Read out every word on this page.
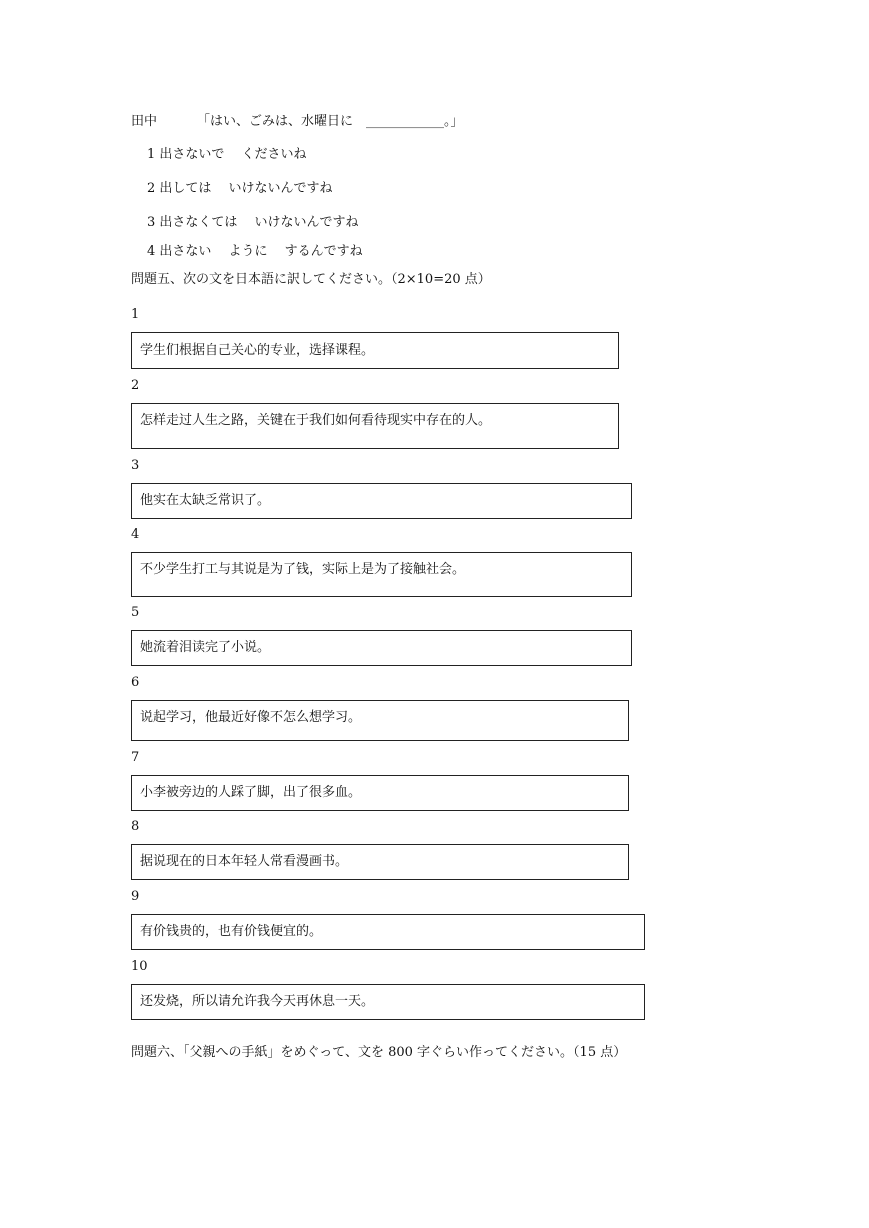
田中	「はい、ごみは、水曜日に　____________。」
1 出さないで　 くださいね
2 出しては　 いけないんですね
3 出さなくては　 いけないんですね
4 出さない　 ように　 するんですね
問題五、次の文を日本語に訳してください。（2×10=20 点）
1
学生们根据自己关心的专业，选择课程。
2
怎样走过人生之路，关键在于我们如何看待现实中存在的人。
3
他实在太缺乏常识了。
4
不少学生打工与其说是为了钱，实际上是为了接触社会。
5
她流着泪读完了小说。
6
说起学习，他最近好像不怎么想学习。
7
小李被旁边的人踩了脚，出了很多血。
8
据说现在的日本年轻人常看漫画书。
9
有价钱贵的，也有价钱便宜的。
10
还发烧，所以请允许我今天再休息一天。
問題六、「父親への手紙」をめぐって、文を 800 字ぐらい作ってください。（15 点）
